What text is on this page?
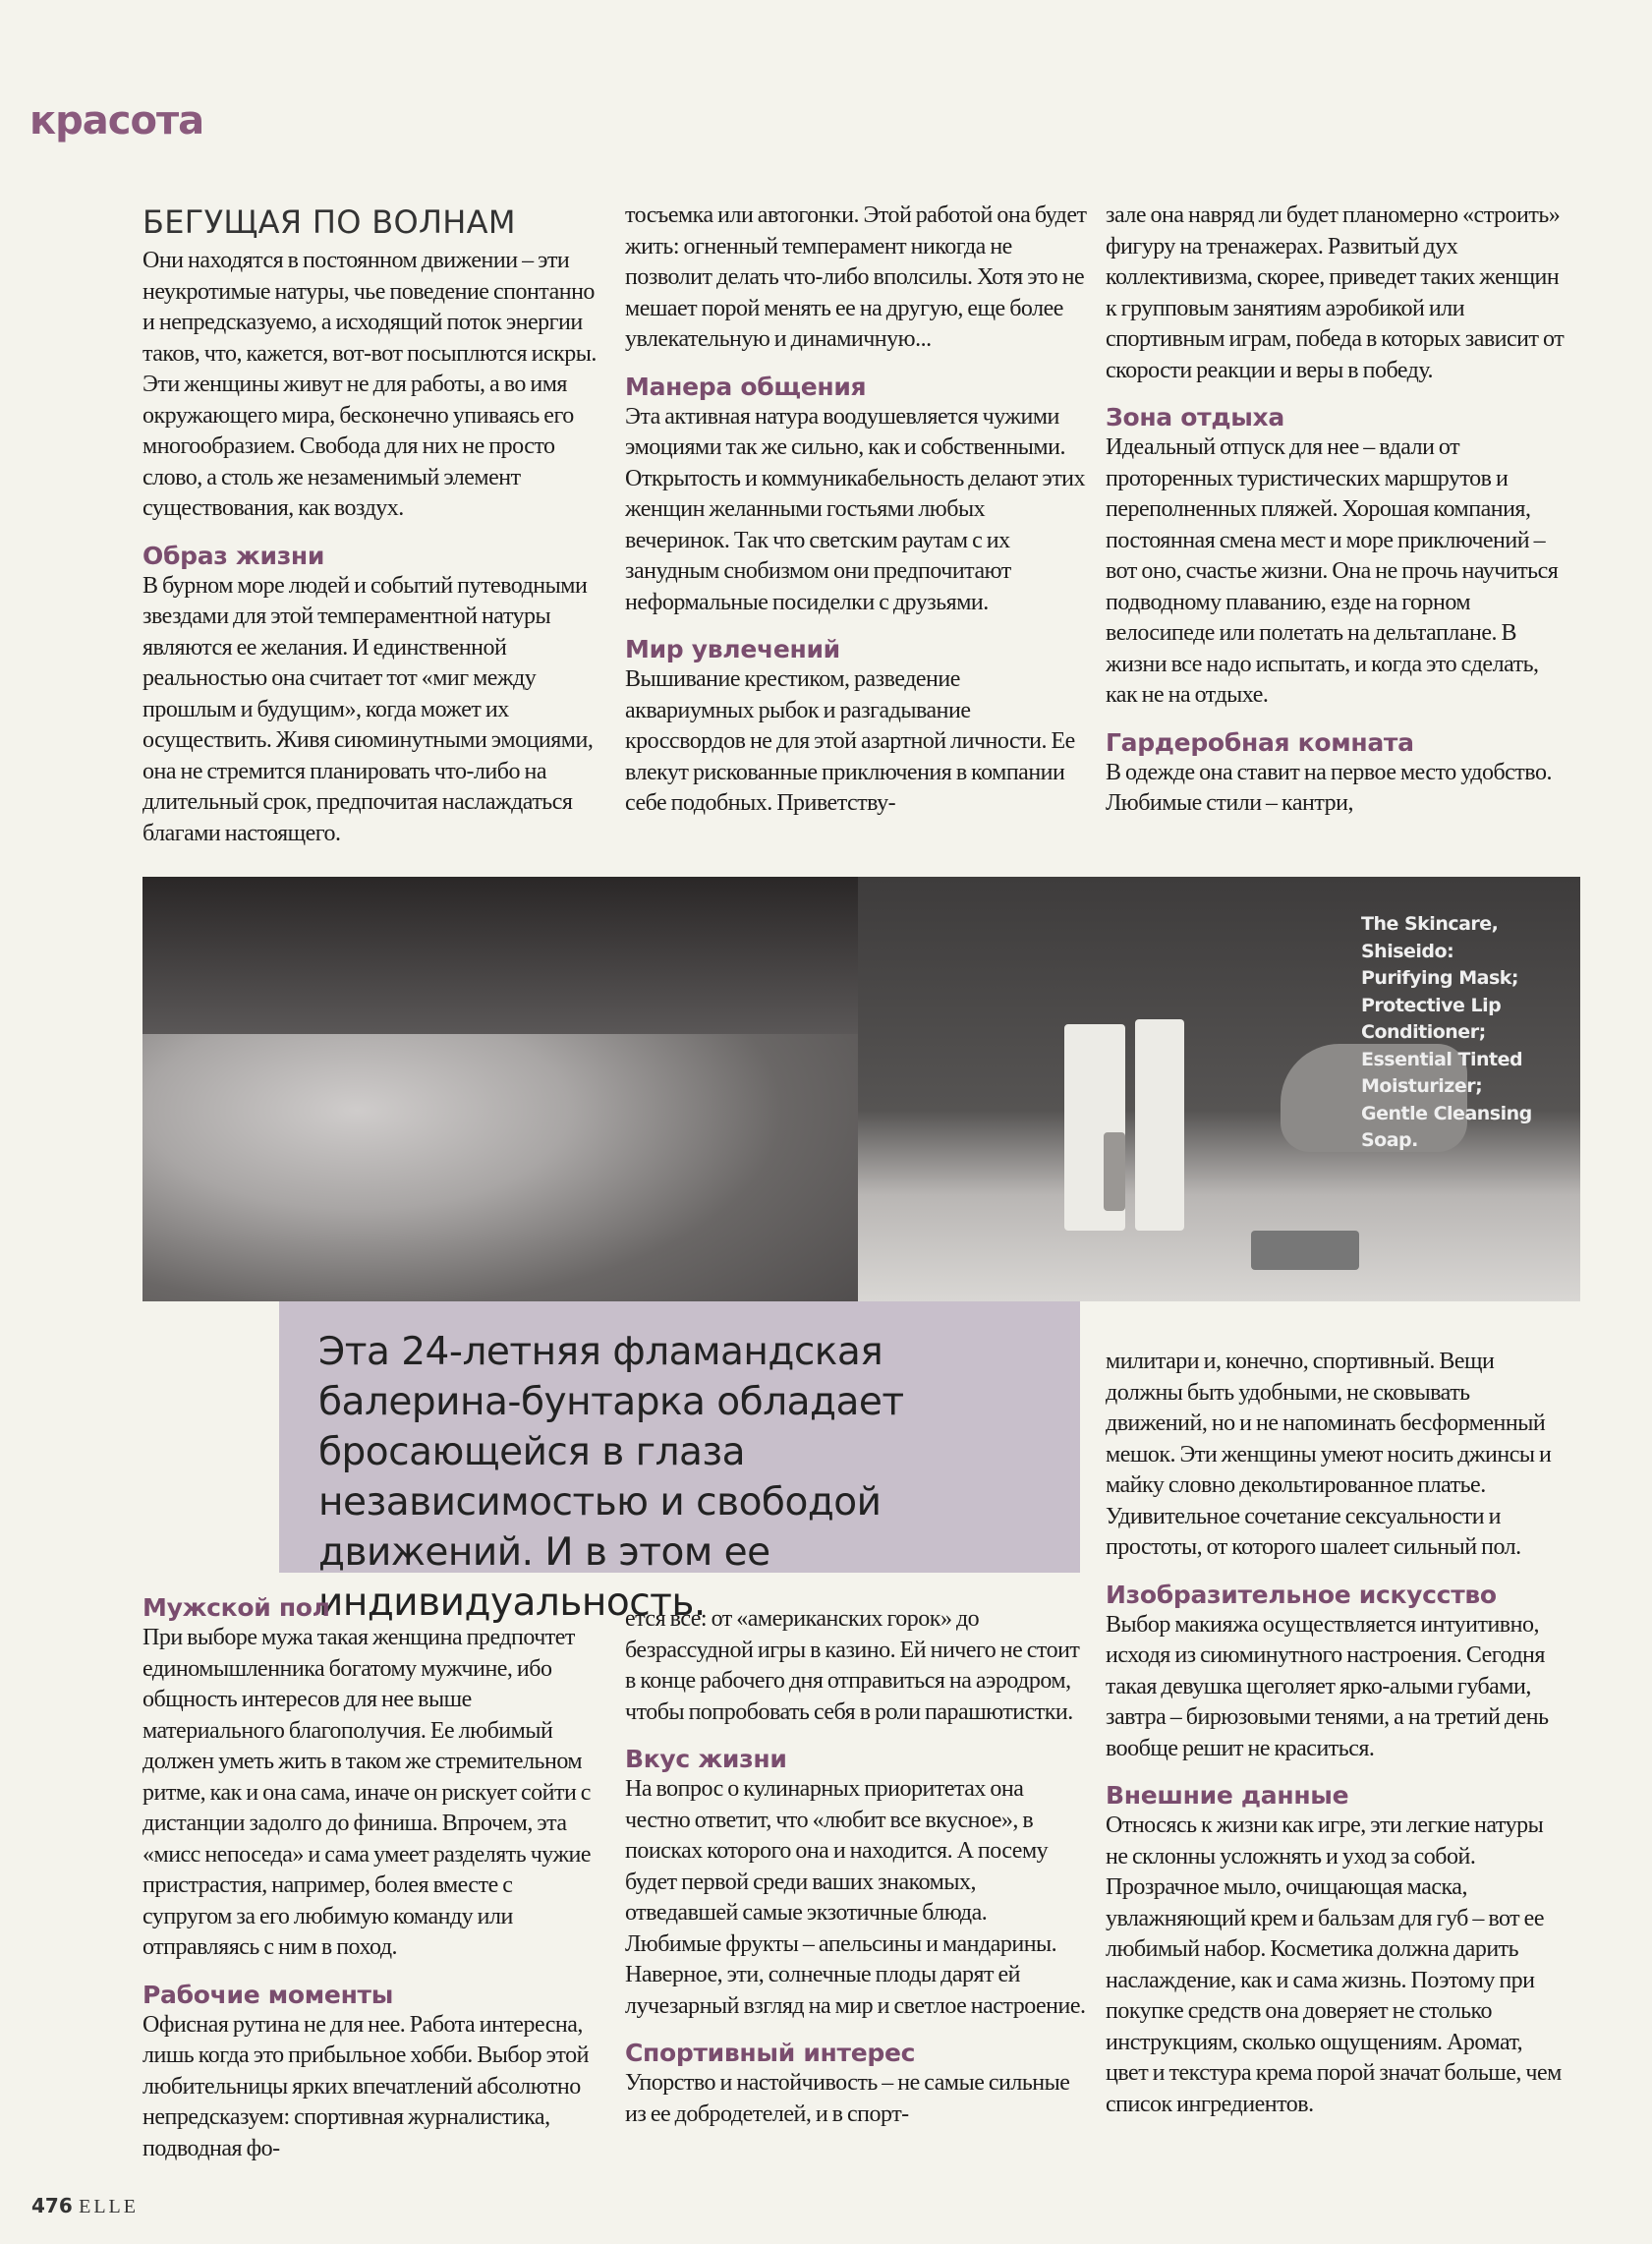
красота
БЕГУЩАЯ ПО ВОЛНАМ

Они находятся в постоянном движении – эти неукротимые натуры, чье поведение спонтанно и непредсказуемо, а исходящий поток энергии таков, что, кажется, вот-вот посыплются искры. Эти женщины живут не для работы, а во имя окружающего мира, бесконечно упиваясь его многообразием. Свобода для них не просто слово, а столь же незаменимый элемент существования, как воздух.

Образ жизни

В бурном море людей и событий путеводными звездами для этой темпераментной натуры являются ее желания. И единственной реальностью она считает тот «миг между прошлым и будущим», когда может их осуществить. Живя сиюминутными эмоциями, она не стремится планировать что-либо на длительный срок, предпочитая наслаждаться благами настоящего.

тосъемка или автогонки. Этой работой она будет жить: огненный темперамент никогда не позволит делать что-либо вполсилы. Хотя это не мешает порой менять ее на другую, еще более увлекательную и динамичную...

Манера общения

Эта активная натура воодушевляется чужими эмоциями так же сильно, как и собственными. Открытость и коммуникабельность делают этих женщин желанными гостьями любых вечеринок. Так что светским раутам с их занудным снобизмом они предпочитают неформальные посиделки с друзьями.

Мир увлечений

Вышивание крестиком, разведение аквариумных рыбок и разгадывание кроссвордов не для этой азартной личности. Ее влекут рискованные приключения в компании себе подобных. Приветству-

зале она навряд ли будет планомерно «строить» фигуру на тренажерах. Развитый дух коллективизма, скорее, приведет таких женщин к групповым занятиям аэробикой или спортивным играм, победа в которых зависит от скорости реакции и веры в победу.

Зона отдыха

Идеальный отпуск для нее – вдали от проторенных туристических маршрутов и переполненных пляжей. Хорошая компания, постоянная смена мест и море приключений – вот оно, счастье жизни. Она не прочь научиться подводному плаванию, езде на горном велосипеде или полетать на дельтаплане. В жизни все надо испытать, и когда это сделать, как не на отдыхе.

Гардеробная комната

В одежде она ставит на первое место удобство. Любимые стили – кантри,

The Skincare,
Shiseido:
Purifying Mask;
Protective Lip
Conditioner;
Essential Tinted
Moisturizer;
Gentle Cleansing
Soap.

Эта 24-летняя фламандская балерина-бунтарка обладает бросающейся в глаза независимостью и свободой движений. И в этом ее индивидуальность.

милитари и, конечно, спортивный. Вещи должны быть удобными, не сковывать движений, но и не напоминать бесформенный мешок. Эти женщины умеют носить джинсы и майку словно декольтированное платье. Удивительное сочетание сексуальности и простоты, от которого шалеет сильный пол.

Изобразительное искусство

Выбор макияжа осуществляется интуитивно, исходя из сиюминутного настроения. Сегодня такая девушка щеголяет ярко-алыми губами, завтра – бирюзовыми тенями, а на третий день вообще решит не краситься.

Внешние данные

Относясь к жизни как игре, эти легкие натуры не склонны усложнять и уход за собой. Прозрачное мыло, очищающая маска, увлажняющий крем и бальзам для губ – вот ее любимый набор. Косметика должна дарить наслаждение, как и сама жизнь. Поэтому при покупке средств она доверяет не столько инструкциям, сколько ощущениям. Аромат, цвет и текстура крема порой значат больше, чем список ингредиентов.

Мужской пол

При выборе мужа такая женщина предпочтет единомышленника богатому мужчине, ибо общность интересов для нее выше материального благополучия. Ее любимый должен уметь жить в таком же стремительном ритме, как и она сама, иначе он рискует сойти с дистанции задолго до финиша. Впрочем, эта «мисс непоседа» и сама умеет разделять чужие пристрастия, например, болея вместе с супругом за его любимую команду или отправляясь с ним в поход.

Рабочие моменты

Офисная рутина не для нее. Работа интересна, лишь когда это прибыльное хобби. Выбор этой любительницы ярких впечатлений абсолютно непредсказуем: спортивная журналистика, подводная фо-

ется все: от «американских горок» до безрассудной игры в казино. Ей ничего не стоит в конце рабочего дня отправиться на аэродром, чтобы попробовать себя в роли парашютистки.

Вкус жизни

На вопрос о кулинарных приоритетах она честно ответит, что «любит все вкусное», в поисках которого она и находится. А посему будет первой среди ваших знакомых, отведавшей самые экзотичные блюда. Любимые фрукты – апельсины и мандарины. Наверное, эти, солнечные плоды дарят ей лучезарный взгляд на мир и светлое настроение.

Спортивный интерес

Упорство и настойчивость – не самые сильные из ее добродетелей, и в спорт-

476 ELLE
